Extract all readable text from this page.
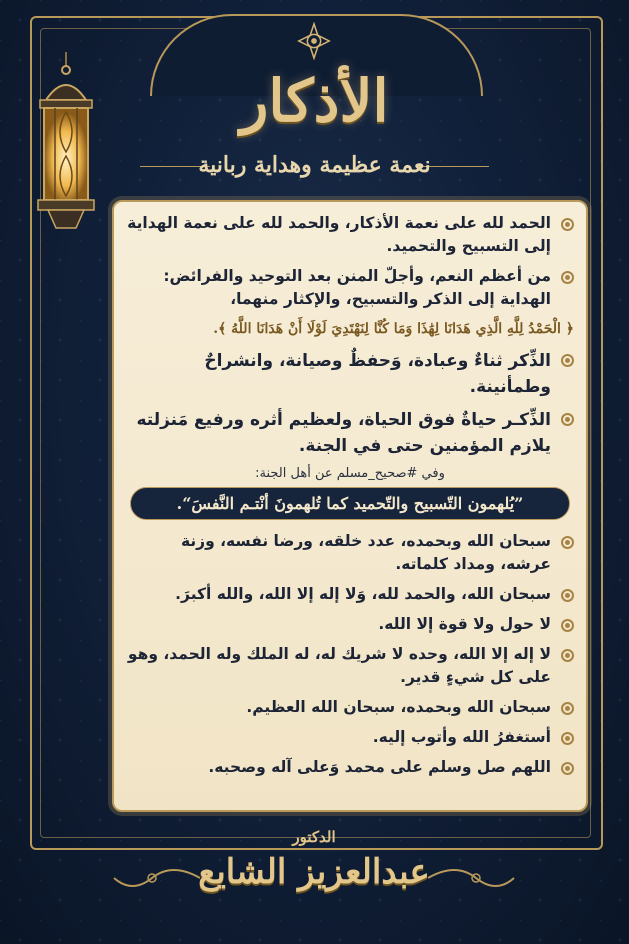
الأذكار
نعمة عظيمة وهداية ربانية
الحمد لله على نعمة الأذكار، والحمد لله على نعمة الهداية إلى التسبيح والتحميد.
من أعظم النعم، وأجلّ المنن بعد التوحيد والفرائض: الهداية إلى الذكر والتسبيح، والإكثار منهما،
﴿ الْحَمْدُ لِلَّهِ الَّذِي هَدَانَا لِهَٰذَا وَمَا كُنَّا لِنَهْتَدِيَ لَوْلَا أَنْ هَدَانَا اللَّهُ ﴾.
الذِّكر ثناءٌ وعبادة، وَحفظٌ وصيانة، وانشراحٌ وطمأنينة.
الذِّكـر حياةٌ فوق الحياة، ولعظيم أثره ورفيع مَنزلته يلازم المؤمنين حتى في الجنة.
وفي #صحيح_مسلم عن أهل الجنة:
”يُلهمون التّسبيح والتّحميد كما تُلهمونَ أنْتـم النَّفسَ“.
سبحان الله وبحمده، عدد خلقه، ورضا نفسه، وزنة عرشه، ومداد كلماته.
سبحان الله، والحمد لله، وَلا إله إلا الله، والله أكبرَ.
لا حول ولا قوة إلا الله.
لا إله إلا الله، وحده لا شريك له، له الملك وله الحمد، وهو على كل شيءٍ قدير.
سبحان الله وبحمده، سبحان الله العظيم.
أستغفرُ الله وأتوب إليه.
اللهم صل وسلم على محمد وَعلى آله وصحبه.
الدكتور
عبدالعزيز الشايع
